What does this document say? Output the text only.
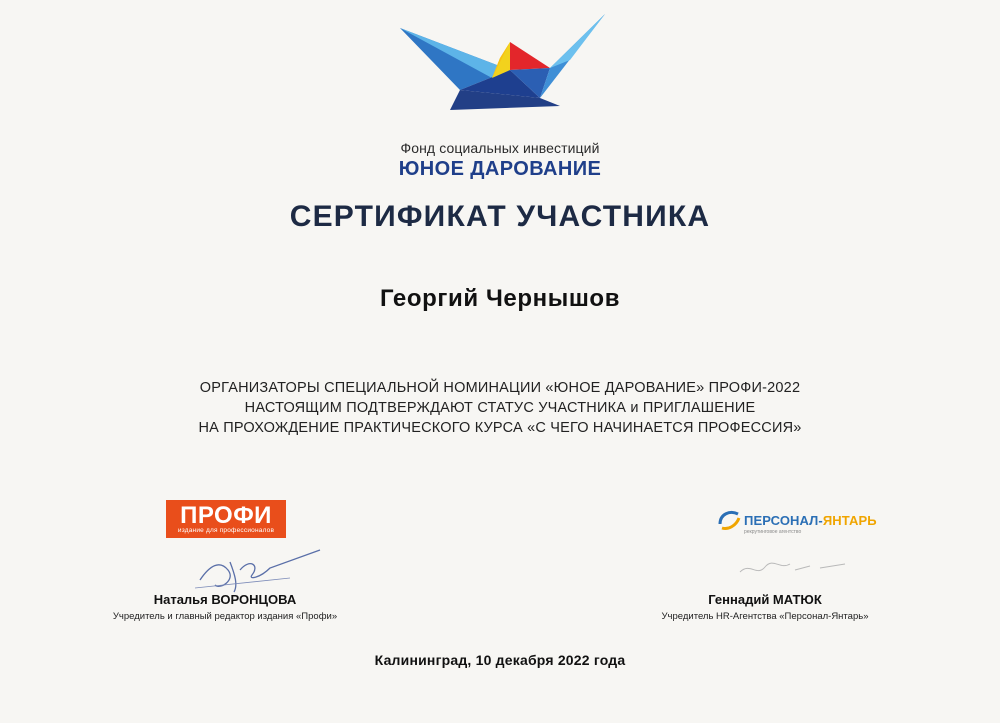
Фонд социальных инвестиций
ЮНОЕ ДАРОВАНИЕ
СЕРТИФИКАТ УЧАСТНИКА
Георгий Чернышов
ОРГАНИЗАТОРЫ СПЕЦИАЛЬНОЙ НОМИНАЦИИ «ЮНОЕ ДАРОВАНИЕ» ПРОФИ-2022
НАСТОЯЩИМ ПОДТВЕРЖДАЮТ СТАТУС УЧАСТНИКА и ПРИГЛАШЕНИЕ
НА ПРОХОЖДЕНИЕ ПРАКТИЧЕСКОГО КУРСА «С ЧЕГО НАЧИНАЕТСЯ ПРОФЕССИЯ»
ПРОФИ
издание для профессионалов
ПЕРСОНАЛ-ЯНТАРЬ
рекрутинговое агентство
Наталья ВОРОНЦОВА
Учредитель и главный редактор издания «Профи»
Геннадий МАТЮК
Учредитель HR-Агентства «Персонал-Янтарь»
Калининград, 10 декабря 2022 года
